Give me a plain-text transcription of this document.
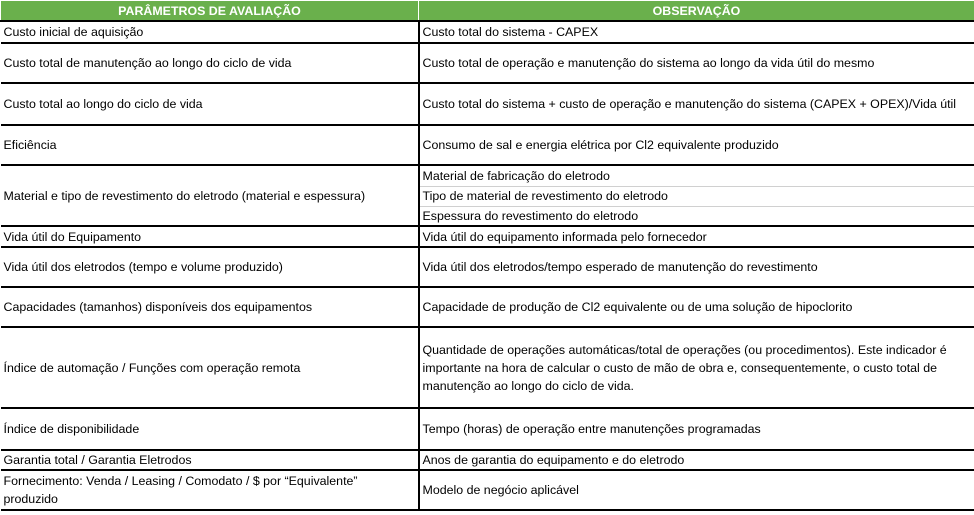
PARÂMETROS DE AVALIAÇÃO	OBSERVAÇÃO
Custo inicial de aquisição	Custo total do sistema - CAPEX
Custo total de manutenção ao longo do ciclo de vida	Custo total de operação e manutenção do sistema ao longo da vida útil do mesmo
Custo total ao longo do ciclo de vida	Custo total do sistema + custo de operação e manutenção do sistema (CAPEX + OPEX)/Vida útil
Eficiência	Consumo de sal e energia elétrica por Cl2 equivalente produzido
Material e tipo de revestimento do eletrodo (material e espessura)	Material de fabricação do eletrodo
	Tipo de material de revestimento do eletrodo
	Espessura do revestimento do eletrodo
Vida útil do Equipamento	Vida útil do equipamento informada pelo fornecedor
Vida útil dos eletrodos (tempo e volume produzido)	Vida útil dos eletrodos/tempo esperado de manutenção do revestimento
Capacidades (tamanhos) disponíveis dos equipamentos	Capacidade de produção de Cl2 equivalente ou de uma solução de hipoclorito
Índice de automação / Funções com operação remota	Quantidade de operações automáticas/total de operações (ou procedimentos). Este indicador é importante na hora de calcular o custo de mão de obra e, consequentemente, o custo total de manutenção ao longo do ciclo de vida.
Índice de disponibilidade	Tempo (horas) de operação entre manutenções programadas
Garantia total / Garantia Eletrodos	Anos de garantia do equipamento e do eletrodo
Fornecimento: Venda / Leasing / Comodato / $ por “Equivalente” produzido	Modelo de negócio aplicável
